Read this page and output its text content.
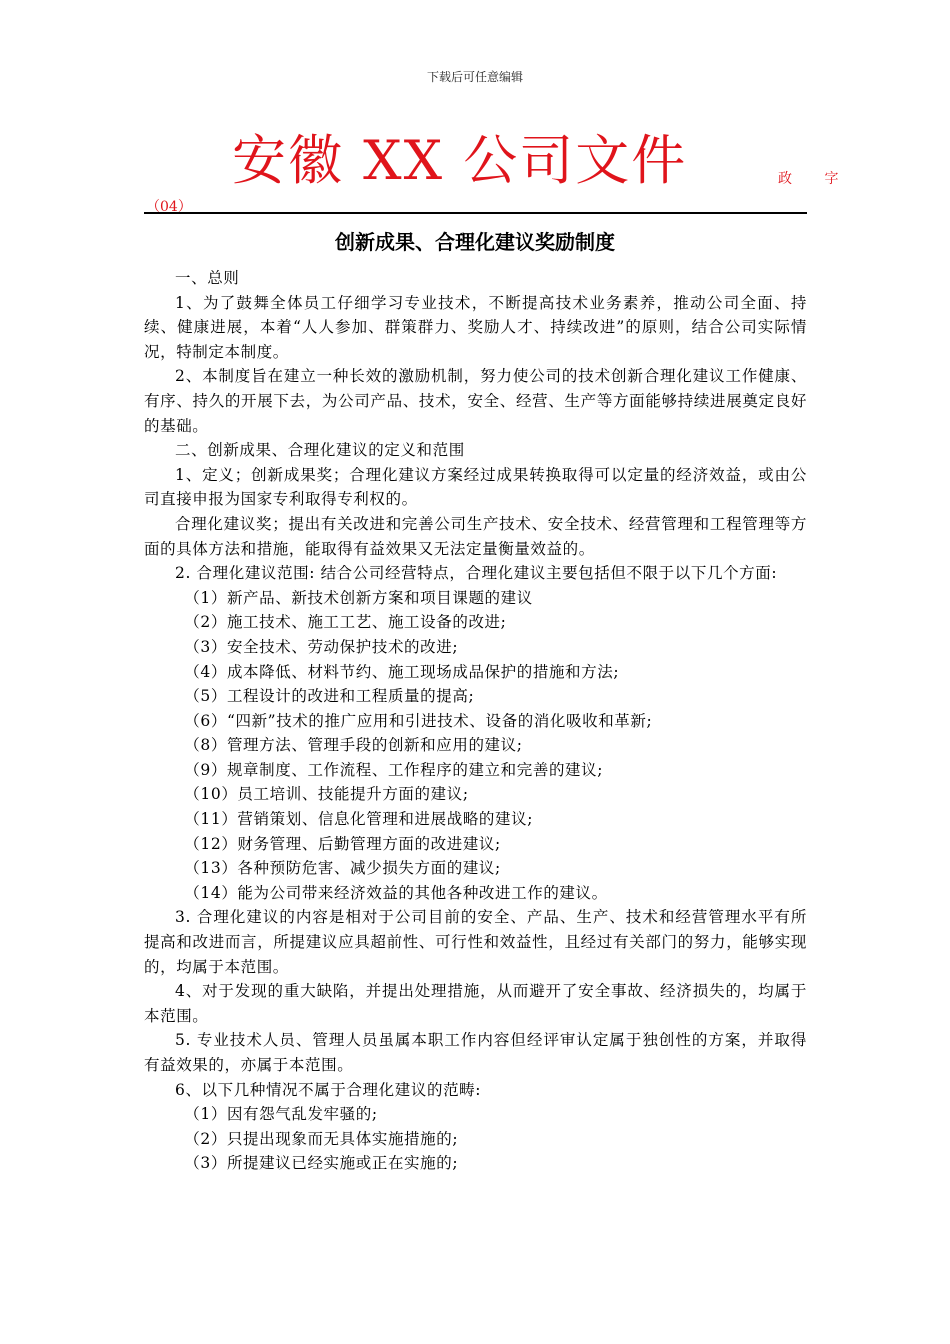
下载后可任意编辑
安徽 XX 公司文件	政 字
（04）
创新成果、合理化建议奖励制度

一、总则

1、为了鼓舞全体员工仔细学习专业技术，不断提高技术业务素养，推动公司全面、持续、健康进展，本着“人人参加、群策群力、奖励人才、持续改进”的原则，结合公司实际情况，特制定本制度。

2、本制度旨在建立一种长效的激励机制，努力使公司的技术创新合理化建议工作健康、有序、持久的开展下去，为公司产品、技术，安全、经营、生产等方面能够持续进展奠定良好的基础。

二、创新成果、合理化建议的定义和范围

1、定义；创新成果奖；合理化建议方案经过成果转换取得可以定量的经济效益，或由公司直接申报为国家专利取得专利权的。

合理化建议奖；提出有关改进和完善公司生产技术、安全技术、经营管理和工程管理等方面的具体方法和措施，能取得有益效果又无法定量衡量效益的。

2. 合理化建议范围: 结合公司经营特点，合理化建议主要包括但不限于以下几个方面:

（1）新产品、新技术创新方案和项目课题的建议

（2）施工技术、施工工艺、施工设备的改进;

（3）安全技术、劳动保护技术的改进;

（4）成本降低、材料节约、施工现场成品保护的措施和方法;

（5）工程设计的改进和工程质量的提高;

（6）“四新”技术的推广应用和引进技术、设备的消化吸收和革新;

（8）管理方法、管理手段的创新和应用的建议;

（9）规章制度、工作流程、工作程序的建立和完善的建议;

（10）员工培训、技能提升方面的建议;

（11）营销策划、信息化管理和进展战略的建议;

（12）财务管理、后勤管理方面的改进建议;

（13）各种预防危害、减少损失方面的建议;

（14）能为公司带来经济效益的其他各种改进工作的建议。

3. 合理化建议的内容是相对于公司目前的安全、产品、生产、技术和经营管理水平有所提高和改进而言，所提建议应具超前性、可行性和效益性，且经过有关部门的努力，能够实现的，均属于本范围。

4、对于发现的重大缺陷，并提出处理措施，从而避开了安全事故、经济损失的，均属于本范围。

5. 专业技术人员、管理人员虽属本职工作内容但经评审认定属于独创性的方案，并取得有益效果的，亦属于本范围。

6、以下几种情况不属于合理化建议的范畴:

（1）因有怨气乱发牢骚的;

（2）只提出现象而无具体实施措施的;

（3）所提建议已经实施或正在实施的;
